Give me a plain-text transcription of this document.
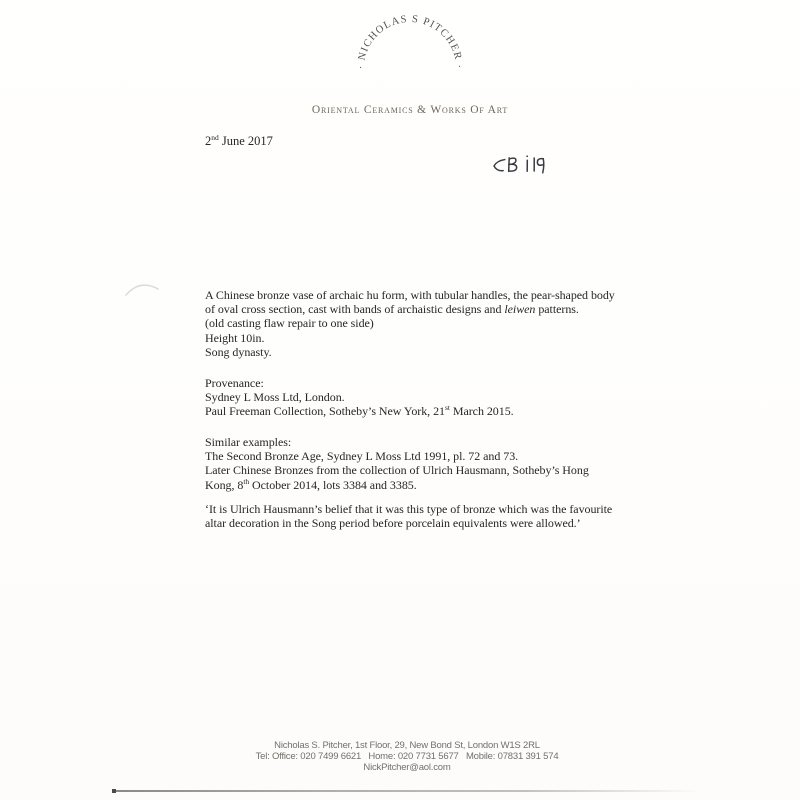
· NICHOLAS S PITCHER ·
Oriental Ceramics & Works Of Art
2nd June 2017
A Chinese bronze vase of archaic hu form, with tubular handles, the pear-shaped body
of oval cross section, cast with bands of archaistic designs and leiwen patterns.
(old casting flaw repair to one side)
Height 10in.
Song dynasty.
Provenance:
Sydney L Moss Ltd, London.
Paul Freeman Collection, Sotheby’s New York, 21st March 2015.
Similar examples:
The Second Bronze Age, Sydney L Moss Ltd 1991, pl. 72 and 73.
Later Chinese Bronzes from the collection of Ulrich Hausmann, Sotheby’s Hong
Kong, 8th October 2014, lots 3384 and 3385.
‘It is Ulrich Hausmann’s belief that it was this type of bronze which was the favourite
altar decoration in the Song period before porcelain equivalents were allowed.’
Nicholas S. Pitcher, 1st Floor, 29, New Bond St, London W1S 2RL
Tel: Office: 020 7499 6621   Home: 020 7731 5677   Mobile: 07831 391 574
NickPitcher@aol.com
